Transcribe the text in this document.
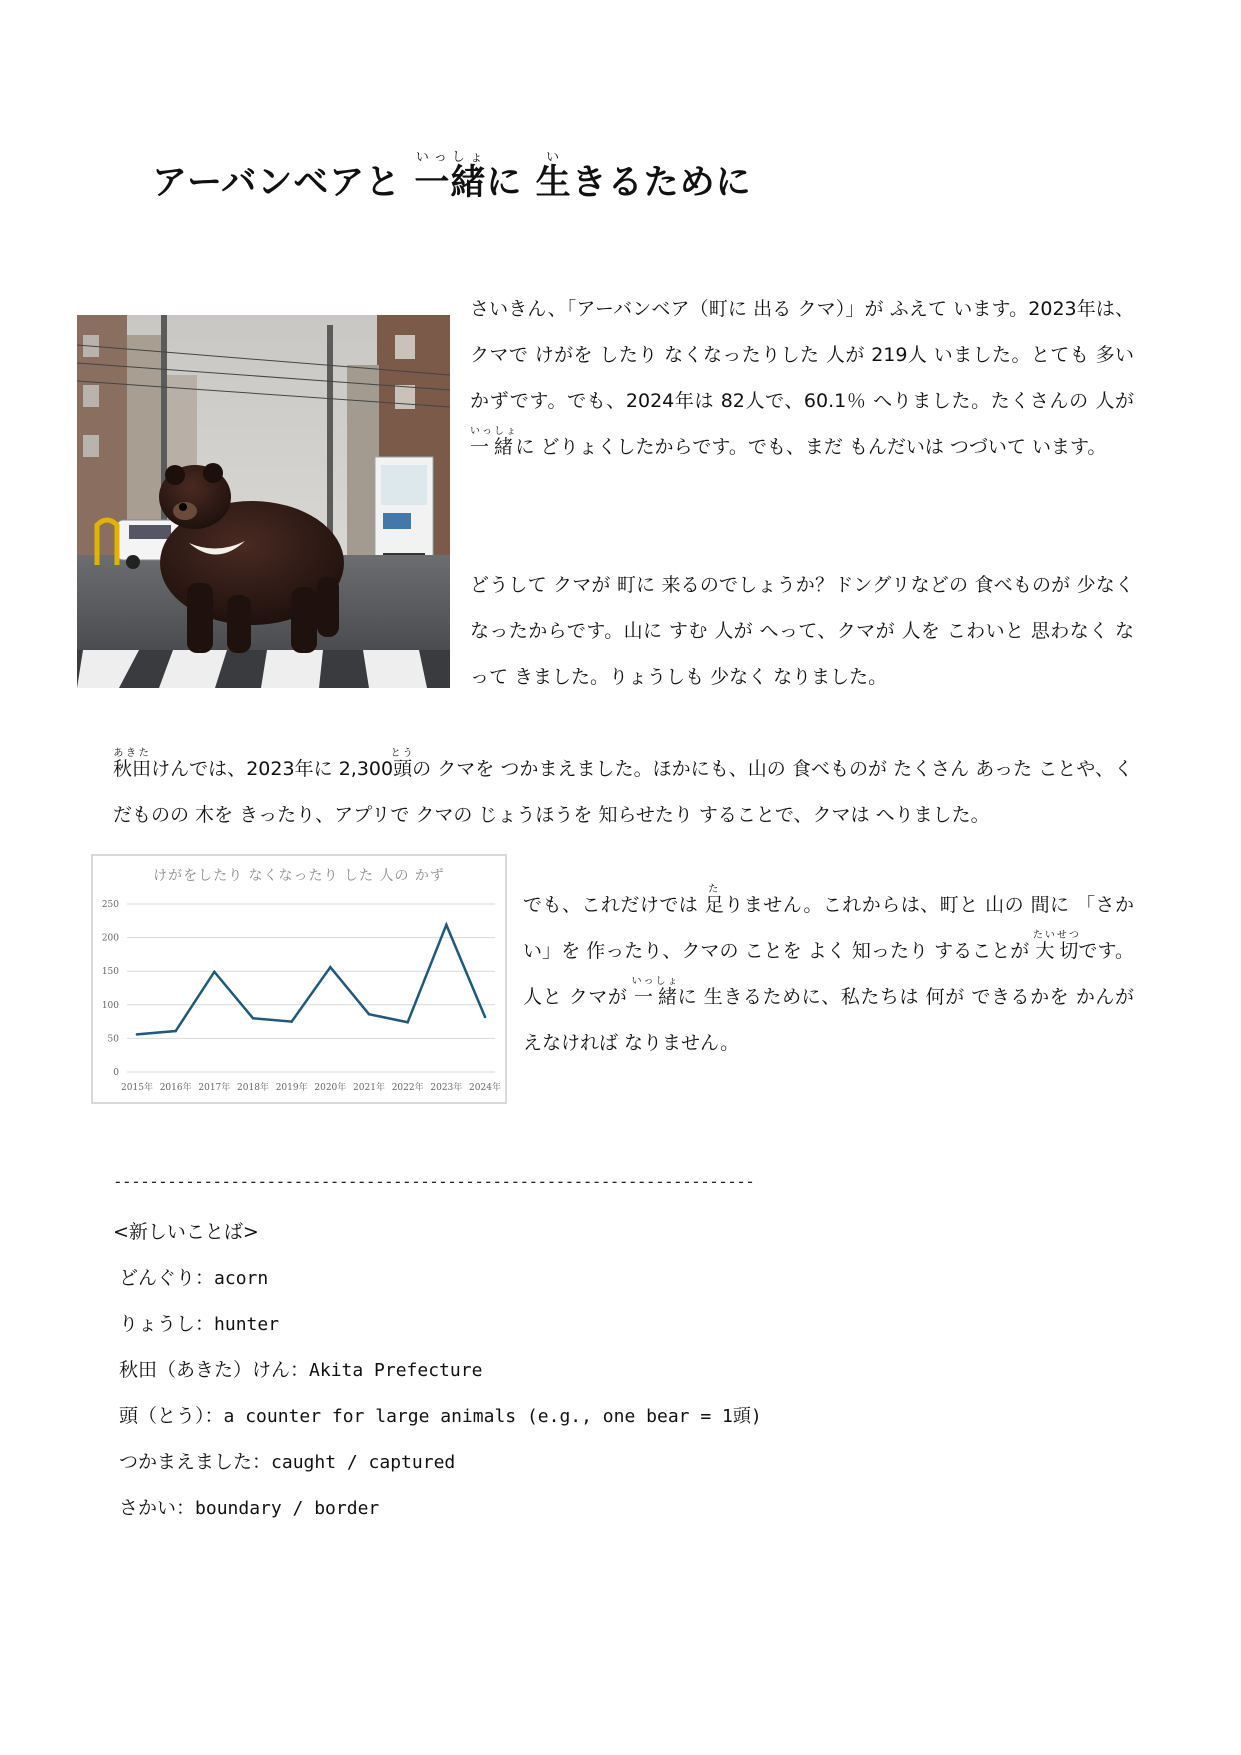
アーバンベアと 一緒いっしょに 生いきるために

さいきん、「アーバンベア（町に 出る クマ）」が ふえて います。2023年は、クマで けがを したり なくなったりした 人が 219人 いました。とても 多い かずです。でも、2024年は 82人で、60.1％ へりました。たくさんの 人が 一緒いっしょに どりょくしたからです。でも、まだ もんだいは つづいて います。

どうして クマが 町に 来るのでしょうか？ドングリなどの 食べものが 少なく なったからです。山に すむ 人が へって、クマが 人を こわいと 思わなく なって きました。りょうしも 少なく なりました。

秋田あきたけんでは、2023年に 2,300頭とうの クマを つかまえました。ほかにも、山の 食べものが たくさん あった ことや、くだものの 木を きったり、アプリで クマの じょうほうを 知らせたり することで、クマは へりました。

けがをしたり なくなったり した 人の かず
0
50
100
150
200
250
2015年 2016年 2017年 2018年 2019年 2020年 2021年 2022年 2023年 2024年

でも、これだけでは 足たりません。これからは、町と 山の 間に 「さかい」を 作ったり、クマの ことを よく 知ったり することが 大切たいせつです。人と クマが 一緒いっしょに 生きるために、私たちは 何が できるかを かんがえなければ なりません。

-----------------------------------------------------------------------
<新しいことば>
どんぐり：acorn
りょうし：hunter
秋田（あきた）けん：Akita Prefecture
頭（とう）：a counter for large animals (e.g., one bear = 1頭)
つかまえました：caught / captured
さかい：boundary / border
